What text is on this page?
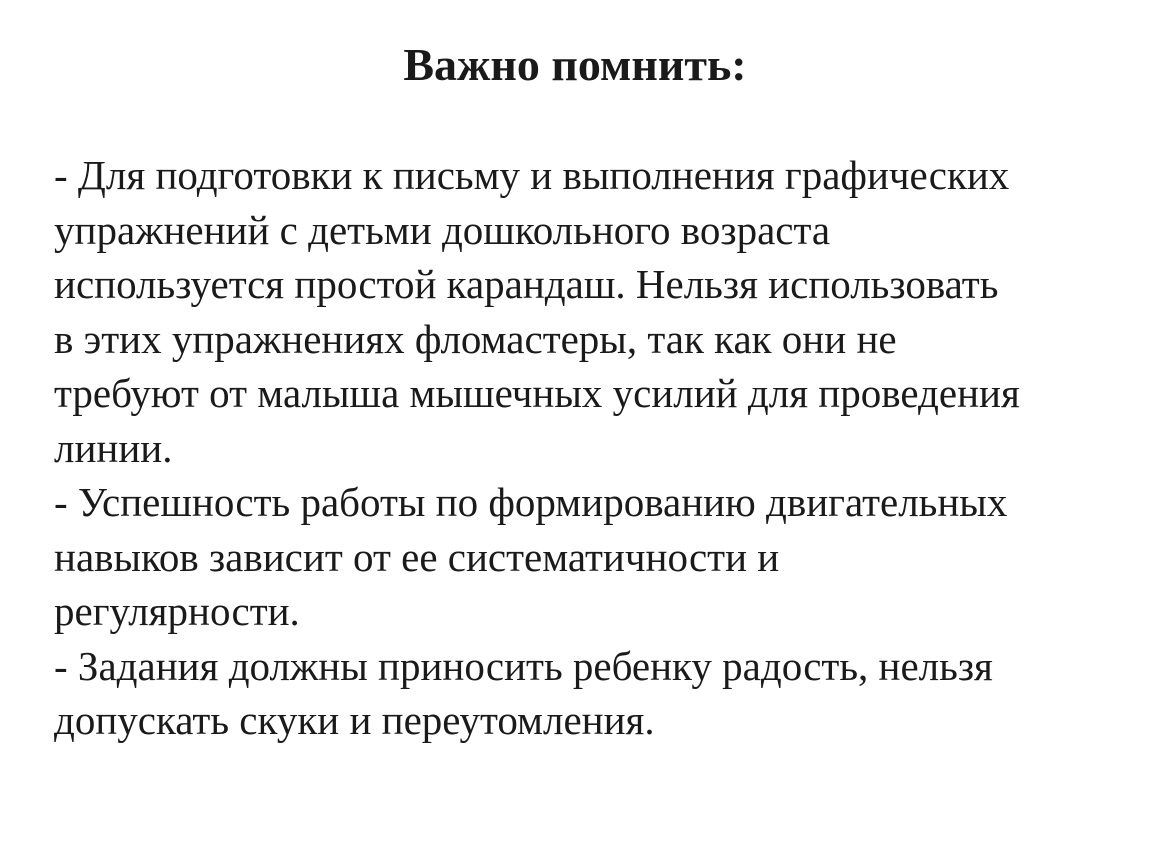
Важно помнить:
- Для подготовки к письму и выполнения графических
упражнений с детьми дошкольного возраста
используется простой карандаш. Нельзя использовать
в этих упражнениях фломастеры, так как они не
требуют от малыша мышечных усилий для проведения
линии.
- Успешность работы по формированию двигательных
навыков зависит от ее систематичности и
регулярности.
- Задания должны приносить ребенку радость, нельзя
допускать скуки и переутомления.
